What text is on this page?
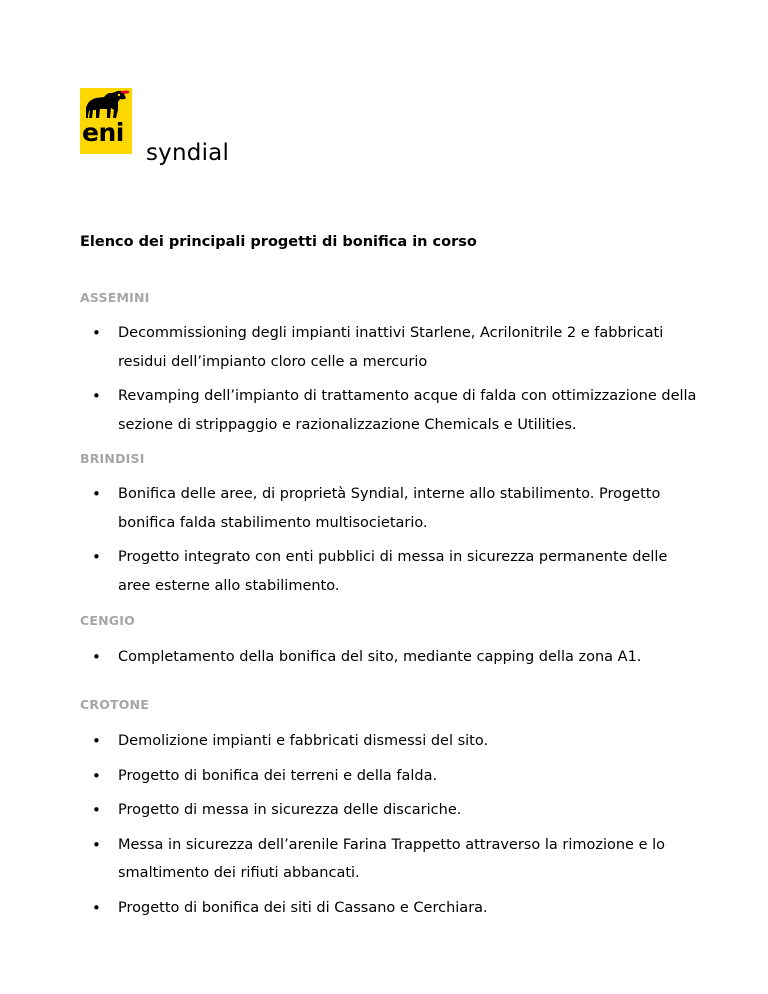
eni
syndial
Elenco dei principali progetti di bonifica in corso
ASSEMINI
• Decommissioning degli impianti inattivi Starlene, Acrilonitrile 2 e fabbricati residui dell’impianto cloro celle a mercurio
• Revamping dell’impianto di trattamento acque di falda con ottimizzazione della sezione di strippaggio e razionalizzazione Chemicals e Utilities.
BRINDISI
• Bonifica delle aree, di proprietà Syndial, interne allo stabilimento. Progetto bonifica falda stabilimento multisocietario.
• Progetto integrato con enti pubblici di messa in sicurezza permanente delle aree esterne allo stabilimento.
CENGIO
• Completamento della bonifica del sito, mediante capping della zona A1.
CROTONE
• Demolizione impianti e fabbricati dismessi del sito.
• Progetto di bonifica dei terreni e della falda.
• Progetto di messa in sicurezza delle discariche.
• Messa in sicurezza dell’arenile Farina Trappetto attraverso la rimozione e lo smaltimento dei rifiuti abbancati.
• Progetto di bonifica dei siti di Cassano e Cerchiara.
